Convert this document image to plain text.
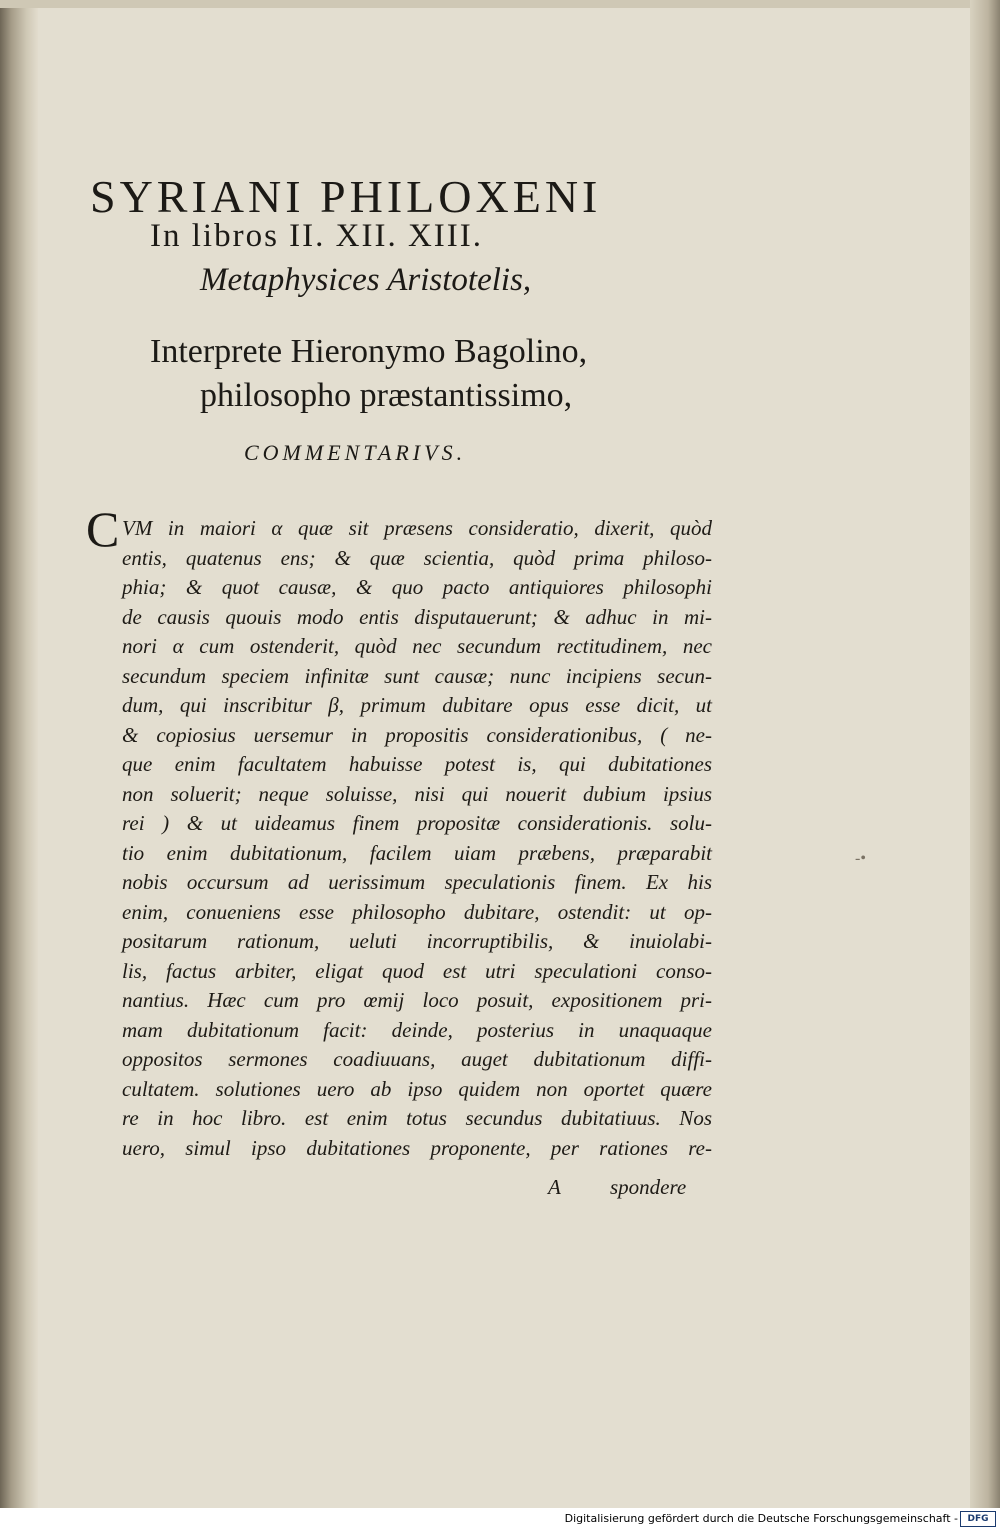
SYRIANI PHILOXENI
In libros II. XII. XIII.
Metaphysices Aristotelis,
Interprete Hieronymo Bagolino,
philosopho præstantissimo,
COMMENTARIVS.
C VM in maiori α quæ sit præsens consideratio, dixerit, quòd
entis, quatenus ens; & quæ scientia, quòd prima philoso-
phia; & quot causæ, & quo pacto antiquiores philosophi
de causis quouis modo entis disputauerunt; & adhuc in mi-
nori α cum ostenderit, quòd nec secundum rectitudinem, nec
secundum speciem infinitæ sunt causæ; nunc incipiens secun-
dum, qui inscribitur β, primum dubitare opus esse dicit, ut
& copiosius uersemur in propositis considerationibus, ( ne-
que enim facultatem habuisse potest is, qui dubitationes
non soluerit; neque soluisse, nisi qui nouerit dubium ipsius
rei ) & ut uideamus finem propositæ considerationis. solu-
tio enim dubitationum, facilem uiam præbens, præparabit
nobis occursum ad uerissimum speculationis finem. Ex his
enim, conueniens esse philosopho dubitare, ostendit: ut op-
positarum rationum, ueluti incorruptibilis, & inuiolabi-
lis, factus arbiter, eligat quod est utri speculationi conso-
nantius. Hæc cum pro œmij loco posuit, expositionem pri-
mam dubitationum facit: deinde, posterius in unaquaque
oppositos sermones coadiuuans, auget dubitationum diffi-
cultatem. solutiones uero ab ipso quidem non oportet quære
re in hoc libro. est enim totus secundus dubitatiuus. Nos
uero, simul ipso dubitationes proponente, per rationes re-
A spondere
-•
Digitalisierung gefördert durch die Deutsche Forschungsgemeinschaft -	DFG
